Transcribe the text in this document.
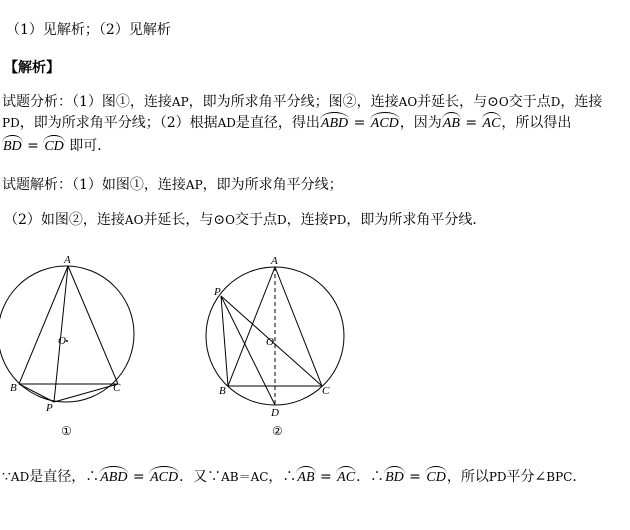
（1）见解析；（2）见解析
【解析】
试题分析：（1）图①，连接AP，即为所求角平分线；图②，连接AO并延长，与⊙O交于点D，连接
PD，即为所求角平分线；（2）根据AD是直径，得出ABD = ACD，因为AB = AC，所以得出
BD = CD 即可．
试题解析：（1）如图①，连接AP，即为所求角平分线；
（2）如图②，连接AO并延长，与⊙O交于点D，连接PD，即为所求角平分线．
A
O
B	C
P
①
A
P
O
B	C
D
②
∵AD是直径，∴ABD = ACD．又∵AB＝AC，∴AB = AC．∴BD = CD，所以PD平分∠BPC．
